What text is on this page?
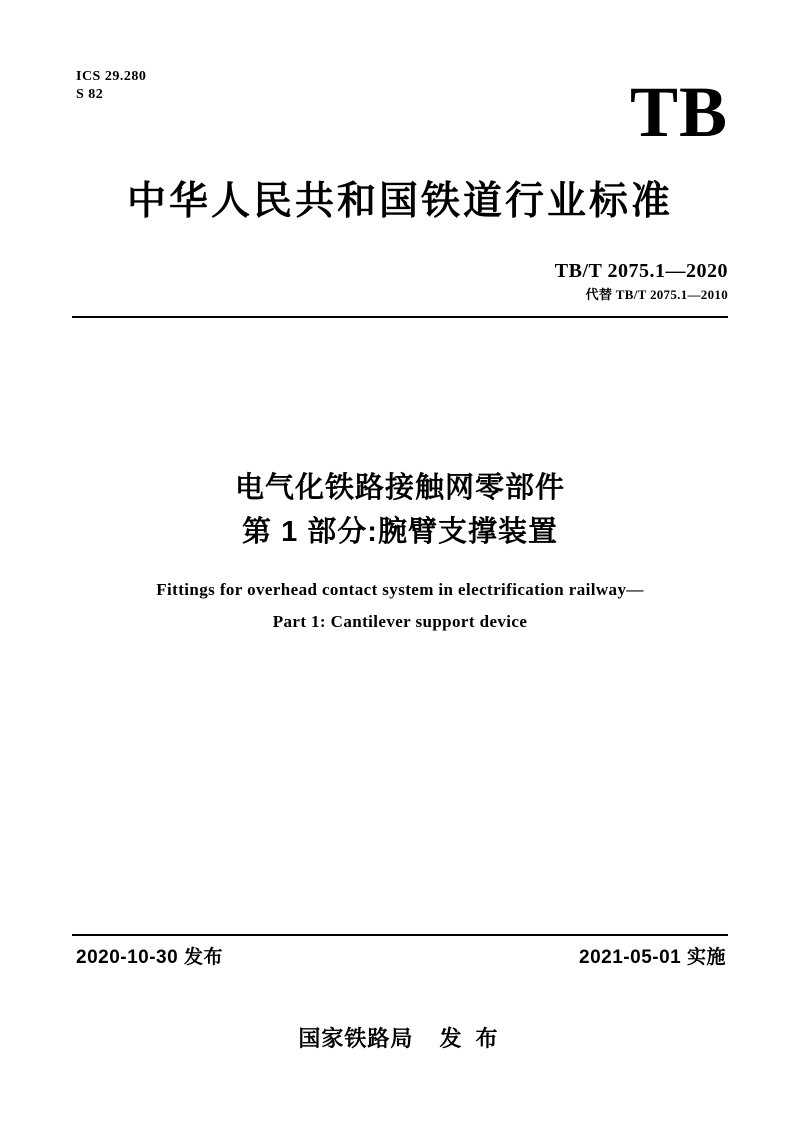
ICS 29.280
S 82	TB
中华人民共和国铁道行业标准
TB/T 2075.1—2020
代替 TB/T 2075.1—2010
电气化铁路接触网零部件
第 1 部分:腕臂支撑装置
Fittings for overhead contact system in electrification railway—
Part 1: Cantilever support device
2020-10-30 发布	2021-05-01 实施
国家铁路局 发 布
